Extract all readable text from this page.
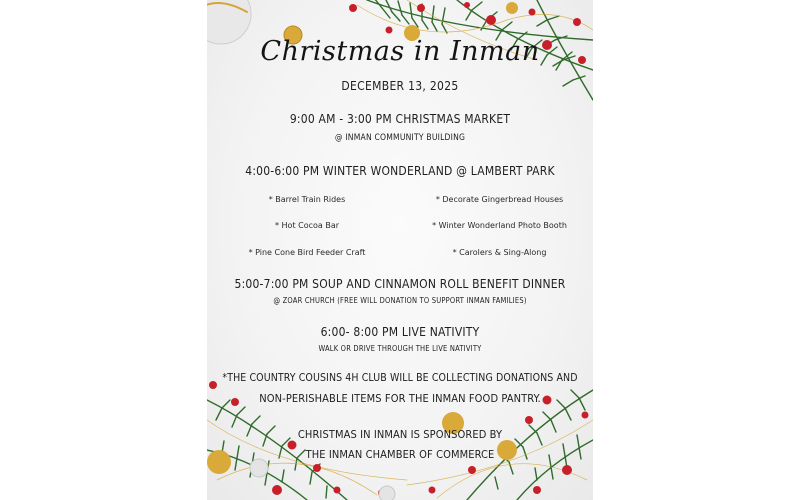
Christmas in Inman
DECEMBER 13, 2025
9:00 AM - 3:00 PM CHRISTMAS MARKET
@ INMAN COMMUNITY BUILDING
4:00-6:00 PM WINTER WONDERLAND @ LAMBERT PARK
* Barrel Train Rides	* Decorate Gingerbread Houses
* Hot Cocoa Bar	* Winter Wonderland Photo Booth
* Pine Cone Bird Feeder Craft	* Carolers & Sing-Along
5:00-7:00 PM SOUP AND CINNAMON ROLL BENEFIT DINNER
@ ZOAR CHURCH (FREE WILL DONATION TO SUPPORT INMAN FAMILIES)
6:00- 8:00 PM LIVE NATIVITY
WALK OR DRIVE THROUGH THE LIVE NATIVITY
*THE COUNTRY COUSINS 4H CLUB WILL BE COLLECTING DONATIONS AND
NON-PERISHABLE ITEMS FOR THE INMAN FOOD PANTRY.
CHRISTMAS IN INMAN IS SPONSORED BY
THE INMAN CHAMBER OF COMMERCE
